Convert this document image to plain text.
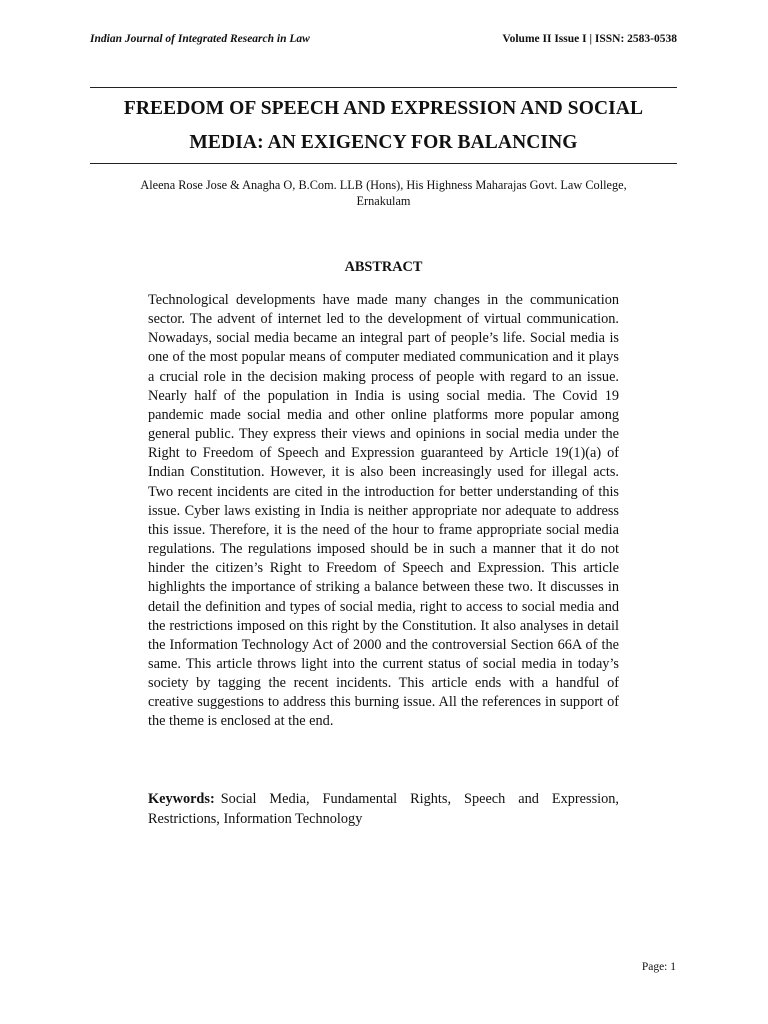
Indian Journal of Integrated Research in Law	Volume II Issue I | ISSN: 2583-0538
FREEDOM OF SPEECH AND EXPRESSION AND SOCIAL
MEDIA: AN EXIGENCY FOR BALANCING
Aleena Rose Jose & Anagha O, B.Com. LLB (Hons), His Highness Maharajas Govt. Law College, Ernakulam
ABSTRACT

Technological developments have made many changes in the communication sector. The advent of internet led to the development of virtual communication. Nowadays, social media became an integral part of people’s life. Social media is one of the most popular means of computer mediated communication and it plays a crucial role in the decision making process of people with regard to an issue. Nearly half of the population in India is using social media. The Covid 19 pandemic made social media and other online platforms more popular among general public. They express their views and opinions in social media under the Right to Freedom of Speech and Expression guaranteed by Article 19(1)(a) of Indian Constitution. However, it is also been increasingly used for illegal acts. Two recent incidents are cited in the introduction for better understanding of this issue. Cyber laws existing in India is neither appropriate nor adequate to address this issue. Therefore, it is the need of the hour to frame appropriate social media regulations. The regulations imposed should be in such a manner that it do not hinder the citizen’s Right to Freedom of Speech and Expression. This article highlights the importance of striking a balance between these two. It discusses in detail the definition and types of social media, right to access to social media and the restrictions imposed on this right by the Constitution. It also analyses in detail the Information Technology Act of 2000 and the controversial Section 66A of the same. This article throws light into the current status of social media in today’s society by tagging the recent incidents. This article ends with a handful of creative suggestions to address this burning issue. All the references in support of the theme is enclosed at the end.

Keywords: Social Media, Fundamental Rights, Speech and Expression, Restrictions, Information Technology

Page: 1
